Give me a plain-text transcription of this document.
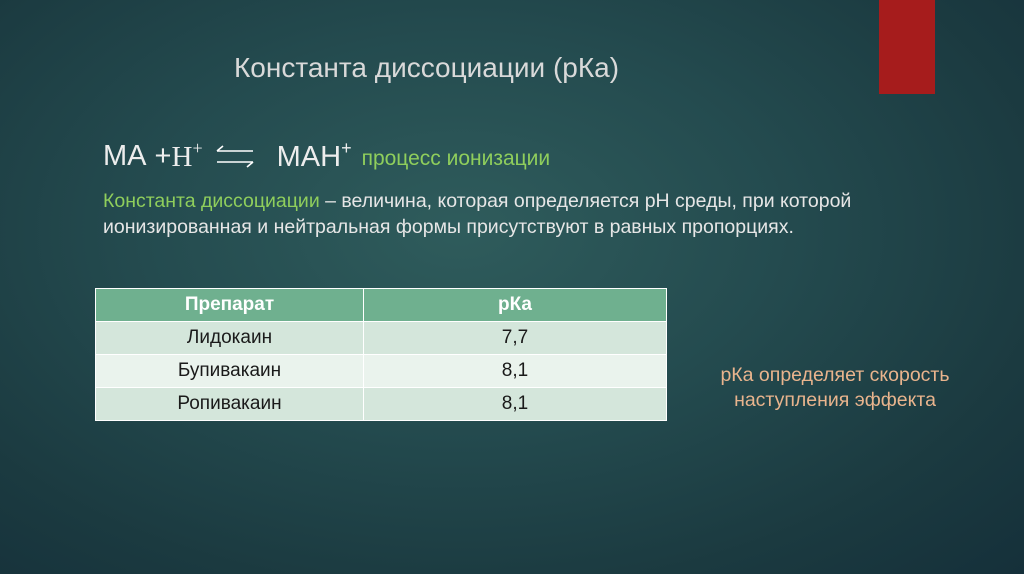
Константа диссоциации (рКа)
МА + Н+ ⇌ МАН+ процесс ионизации
Константа диссоциации – величина, которая определяется рН среды, при которой ионизированная и нейтральная формы присутствуют в равных пропорциях.
Препарат	рКа
Лидокаин	7,7
Бупивакаин	8,1
Ропивакаин	8,1
рКа определяет скорость наступления эффекта
